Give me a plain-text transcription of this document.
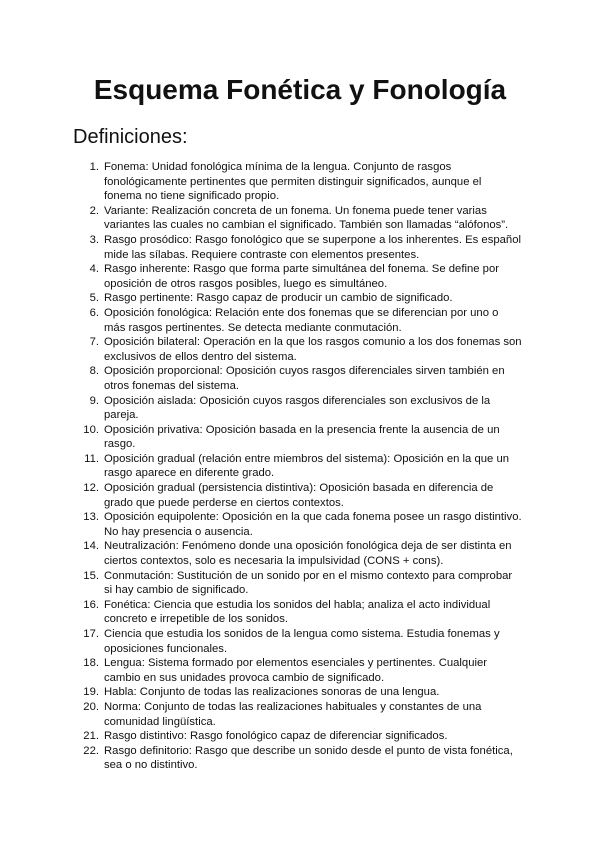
Esquema Fonética y Fonología
Definiciones:
1. Fonema: Unidad fonológica mínima de la lengua. Conjunto de rasgos fonológicamente pertinentes que permiten distinguir significados, aunque el fonema no tiene significado propio.
2. Variante: Realización concreta de un fonema. Un fonema puede tener varias variantes las cuales no cambian el significado. También son llamadas “alófonos”.
3. Rasgo prosódico: Rasgo fonológico que se superpone a los inherentes. Es español mide las sílabas. Requiere contraste con elementos presentes.
4. Rasgo inherente: Rasgo que forma parte simultánea del fonema. Se define por oposición de otros rasgos posibles, luego es simultáneo.
5. Rasgo pertinente: Rasgo capaz de producir un cambio de significado.
6. Oposición fonológica: Relación ente dos fonemas que se diferencian por uno o más rasgos pertinentes. Se detecta mediante conmutación.
7. Oposición bilateral: Operación en la que los rasgos comunio a los dos fonemas son exclusivos de ellos dentro del sistema.
8. Oposición proporcional: Oposición cuyos rasgos diferenciales sirven también en otros fonemas del sistema.
9. Oposición aislada: Oposición cuyos rasgos diferenciales son exclusivos de la pareja.
10. Oposición privativa: Oposición basada en la presencia frente la ausencia de un rasgo.
11. Oposición gradual (relación entre miembros del sistema): Oposición en la que un rasgo aparece en diferente grado.
12. Oposición gradual (persistencia distintiva): Oposición basada en diferencia de grado que puede perderse en ciertos contextos.
13. Oposición equipolente: Oposición en la que cada fonema posee un rasgo distintivo. No hay presencia o ausencia.
14. Neutralización: Fenómeno donde una oposición fonológica deja de ser distinta en ciertos contextos, solo es necesaria la impulsividad (CONS + cons).
15. Conmutación: Sustitución de un sonido por en el mismo contexto para comprobar si hay cambio de significado.
16. Fonética: Ciencia que estudia los sonidos del habla; analiza el acto individual concreto e irrepetible de los sonidos.
17. Ciencia que estudia los sonidos de la lengua como sistema. Estudia fonemas y oposiciones funcionales.
18. Lengua: Sistema formado por elementos esenciales y pertinentes. Cualquier cambio en sus unidades provoca cambio de significado.
19. Habla: Conjunto de todas las realizaciones sonoras de una lengua.
20. Norma: Conjunto de todas las realizaciones habituales y constantes de una comunidad lingüística.
21. Rasgo distintivo: Rasgo fonológico capaz de diferenciar significados.
22. Rasgo definitorio: Rasgo que describe un sonido desde el punto de vista fonética, sea o no distintivo.
